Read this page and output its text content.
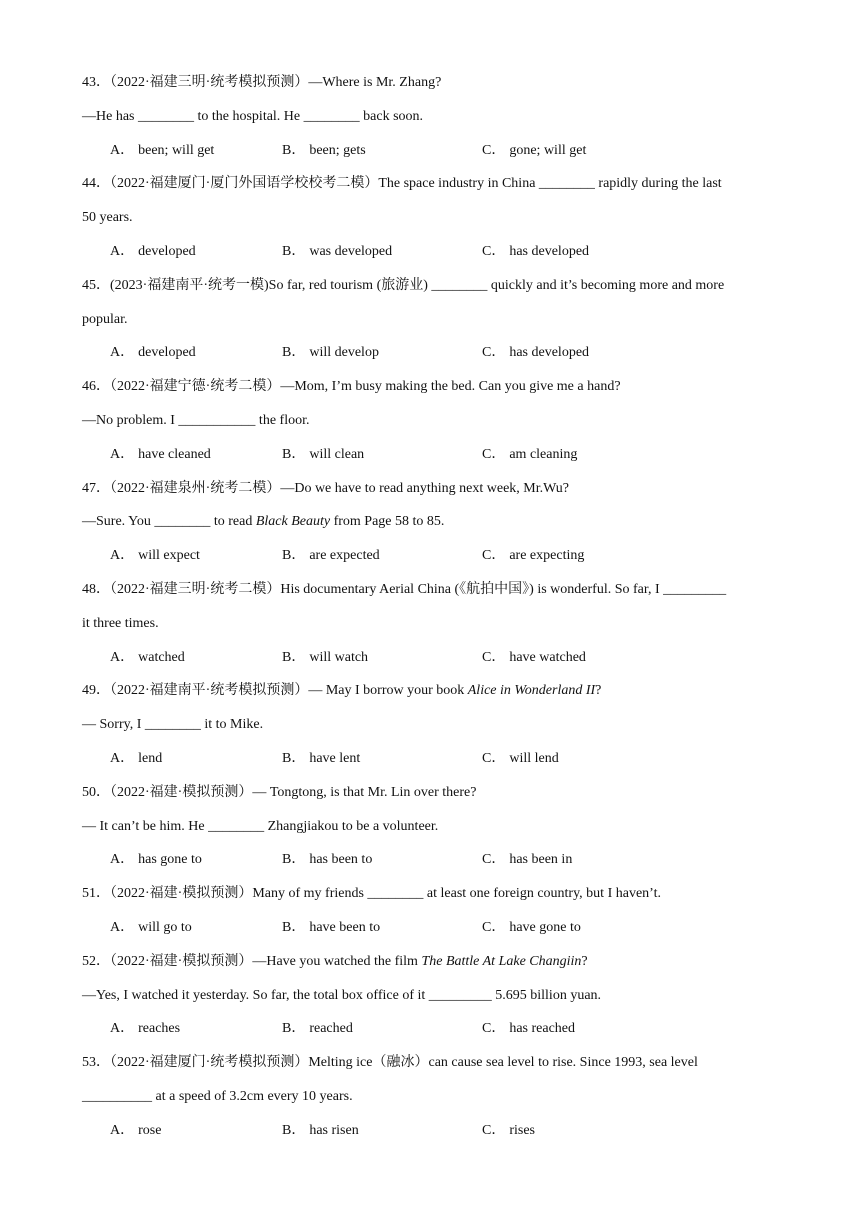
43．（2022·福建三明·统考模拟预测）—Where is Mr. Zhang?
—He has ________ to the hospital. He ________ back soon.
A． been; will get	B． been; gets	C． gone; will get
44．（2022·福建厦门·厦门外国语学校校考二模）The space industry in China ________ rapidly during the last
50 years.
A． developed	B． was developed	C． has developed
45．(2023·福建南平·统考一模)So far, red tourism (旅游业) ________ quickly and it’s becoming more and more
popular.
A． developed	B． will develop	C． has developed
46．（2022·福建宁德·统考二模）—Mom, I’m busy making the bed. Can you give me a hand?
—No problem. I ___________ the floor.
A． have cleaned	B． will clean	C． am cleaning
47．（2022·福建泉州·统考二模）—Do we have to read anything next week, Mr.Wu?
—Sure. You ________ to read Black Beauty from Page 58 to 85.
A． will expect	B． are expected	C． are expecting
48．（2022·福建三明·统考二模）His documentary Aerial China (《航拍中国》) is wonderful. So far, I _________
it three times.
A． watched	B． will watch	C． have watched
49．（2022·福建南平·统考模拟预测）— May I borrow your book Alice in Wonderland II?
— Sorry, I ________ it to Mike.
A． lend	B． have lent	C． will lend
50．（2022·福建·模拟预测）— Tongtong, is that Mr. Lin over there?
— It can’t be him. He ________ Zhangjiakou to be a volunteer.
A． has gone to	B． has been to	C． has been in
51．（2022·福建·模拟预测）Many of my friends ________ at least one foreign country, but I haven’t.
A． will go to	B． have been to	C． have gone to
52．（2022·福建·模拟预测）—Have you watched the film The Battle At Lake Changiin?
—Yes, I watched it yesterday. So far, the total box office of it _________ 5.695 billion yuan.
A． reaches	B． reached	C． has reached
53．（2022·福建厦门·统考模拟预测）Melting ice（融冰）can cause sea level to rise. Since 1993, sea level
__________ at a speed of 3.2cm every 10 years.
A． rose	B． has risen	C． rises
